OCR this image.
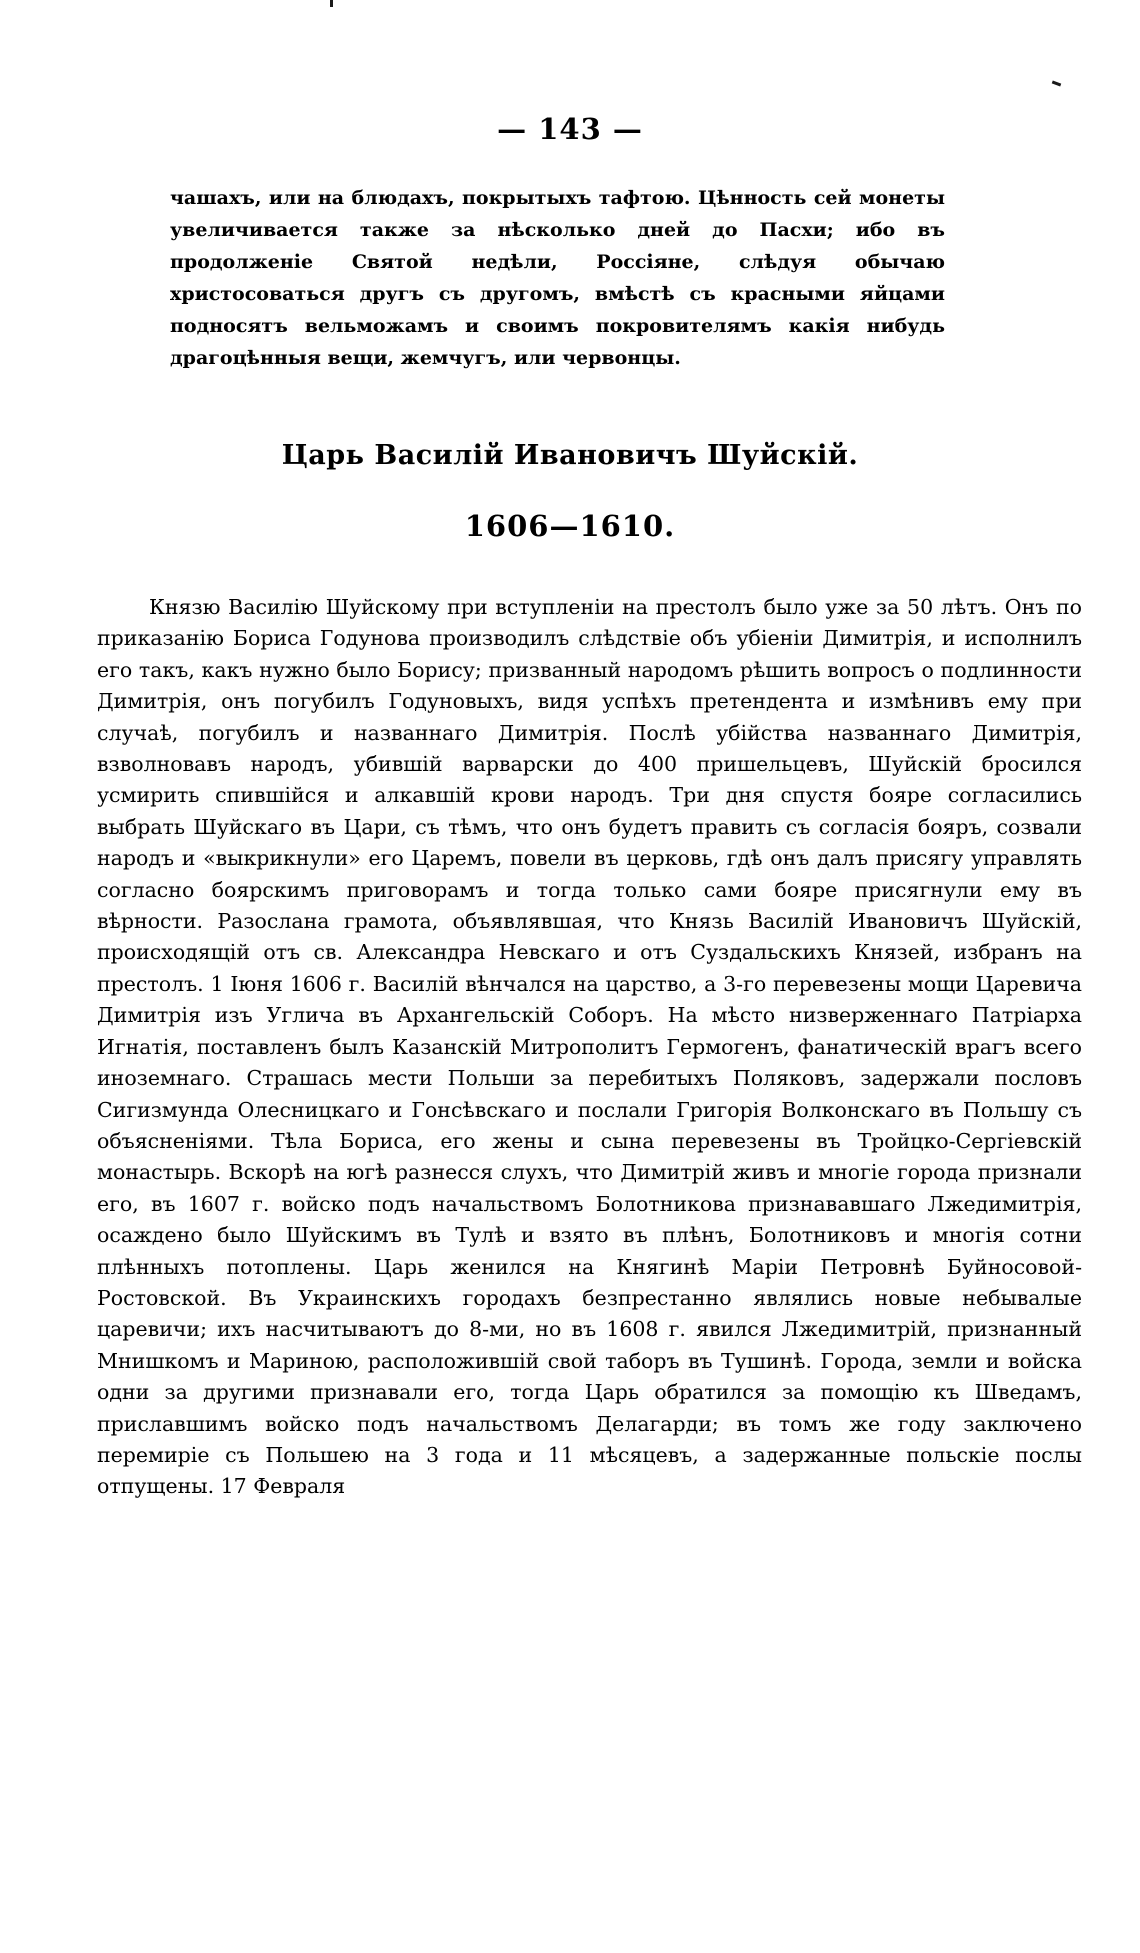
— 143 —

чашахъ, или на блюдахъ, покрытыхъ тафтою. Цѣнность сей монеты увеличивается также за нѣсколько дней до Пасхи; ибо въ продолженіе Святой недѣли, Россіяне, слѣдуя обычаю христосоваться другъ съ другомъ, вмѣстѣ съ красными яйцами подносятъ вельможамъ и своимъ покровителямъ какія нибудь драгоцѣнныя вещи, жемчугъ, или червонцы.

Царь Василій Ивановичъ Шуйскій.
1606—1610.

Князю Василію Шуйскому при вступленіи на престолъ было уже за 50 лѣтъ. Онъ по приказанію Бориса Годунова производилъ слѣдствіе объ убіеніи Димитрія, и исполнилъ его такъ, какъ нужно было Борису; призванный народомъ рѣшить вопросъ о подлинности Димитрія, онъ погубилъ Годуновыхъ, видя успѣхъ претендента и измѣнивъ ему при случаѣ, погубилъ и названнаго Димитрія. Послѣ убійства названнаго Димитрія, взволновавъ народъ, убившій варварски до 400 пришельцевъ, Шуйскій бросился усмирить спившійся и алкавшій крови народъ. Три дня спустя бояре согласились выбрать Шуйскаго въ Цари, съ тѣмъ, что онъ будетъ править съ согласія бояръ, созвали народъ и «выкрикнули» его Царемъ, повели въ церковь, гдѣ онъ далъ присягу управлять согласно боярскимъ приговорамъ и тогда только сами бояре присягнули ему въ вѣрности. Разослана грамота, объявлявшая, что Князь Василій Ивановичъ Шуйскій, происходящій отъ св. Александра Невскаго и отъ Суздальскихъ Князей, избранъ на престолъ. 1 Іюня 1606 г. Василій вѣнчался на царство, а 3-го перевезены мощи Царевича Димитрія изъ Углича въ Архангельскій Соборъ. На мѣсто низверженнаго Патріарха Игнатія, поставленъ былъ Казанскій Митрополитъ Гермогенъ, фанатическій врагъ всего иноземнаго. Страшась мести Польши за перебитыхъ Поляковъ, задержали пословъ Сигизмунда Олесницкаго и Гонсѣвскаго и послали Григорія Волконскаго въ Польшу съ объясненіями. Тѣла Бориса, его жены и сына перевезены въ Тройцко-Сергіевскій монастырь. Вскорѣ на югѣ разнесся слухъ, что Димитрій живъ и многіе города признали его, въ 1607 г. войско подъ начальствомъ Болотникова признававшаго Лжедимитрія, осаждено было Шуйскимъ въ Тулѣ и взято въ плѣнъ, Болотниковъ и многія сотни плѣнныхъ потоплены. Царь женился на Княгинѣ Маріи Петровнѣ Буйносовой-Ростовской. Въ Украинскихъ городахъ безпрестанно являлись новые небывалые царевичи; ихъ насчитываютъ до 8-ми, но въ 1608 г. явился Лжедимитрій, признанный Мнишкомъ и Мариною, расположившій свой таборъ въ Тушинѣ. Города, земли и войска одни за другими признавали его, тогда Царь обратился за помощію къ Шведамъ, приславшимъ войско подъ начальствомъ Делагарди; въ томъ же году заключено перемиріе съ Польшею на 3 года и 11 мѣсяцевъ, а задержанные польскіе послы отпущены. 17 Февраля
